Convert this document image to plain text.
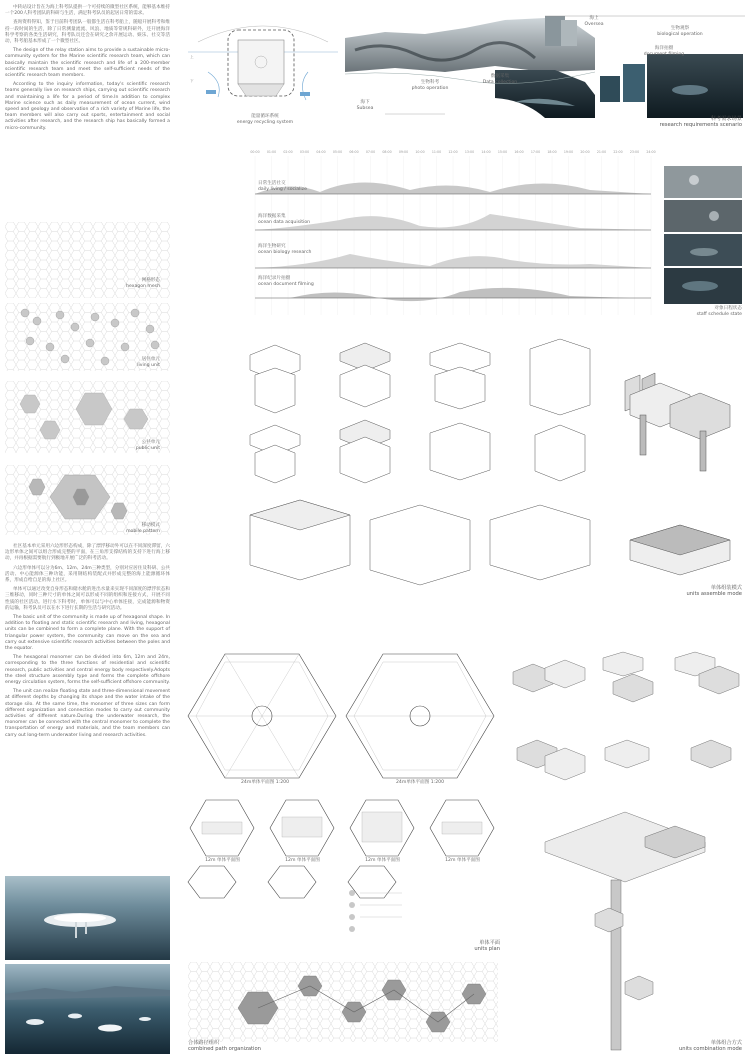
中转站设计旨在为海上科考队提供一个可持续的微型社区系统，能够基本维持一个200人科考团队的科研与生活，满足科考队员的起居日常的需求。

查询资料得知，鉴于目前科考团队一般都生活在科考船上，随船开展科考和维持一段时间的生活，除了日常测量流流、风浪、地质等常规科研外，还开展海洋科学考察的各类生活研究，科考队员还会在研究之余开展运动、娱乐、社交等活动，科考船基本形成了一个微型社区。

The design of the relay station aims to provide a sustainable micro-community system for the Marine scientific research team, which can basically maintain the scientific research and life of a 200-member scientific research team and meet the self-sufficient needs of the scientific research team members.

According to the inquiry information, today's scientific research teams generally live on research ships, carrying out scientific research and maintaining a life for a period of time.In addition to complex Marine science such as daily measurement of ocean current, wind speed and geology and observation of a rich variety of Marine life, the team members will also carry out sports, entertainment and social activities after research, and the research ship has basically formed a micro-community.

网格形态
hexagon mesh
居住单元
living unit
公共单元
public unit
移动模式
mobile pattern

社区基本单元采用六边形形态构成，除了漂浮移动外可以在不同深度滞留，六边形单体之间可以组合形成完整的平面，在三角形支撑结构的支持下进行海上移动，并再根据需要航行到极地开展广泛的科考活动。

六边形单体可以分为6m、12m、24m三种类型，分别对应居住及科研、公共活动、中心能源体三种功能，采用钢结构装配式并形成完整的海上能源循环体系，形成自给自足的海上社区。

单体可以通过改变自身形态和储水舱的进出水量来实现不同深度的漂浮状态和三维移动，同时三种尺寸的单体之间可以形成不同的组织和连接方式，开展不同性质的社区活动。进行水下科考时，单体可以与中心单体连接，完成能源和物资的运输，科考队员可以在水下进行长期的生活与研究活动。

The basic unit of the community is made up of hexagonal shape. In addition to floating and static scientific research and living, hexagonal units can be combined to form a complete plane. With the support of triangular power system, the community can move on the sea and carry out extensive scientific research activities between the poles and the equator.

The hexagonal monomer can be divided into 6m, 12m and 24m, corresponding to the three functions of residential and scientific research, public activities and central energy body respectively.Adopts the steel structure assembly type and forms the complete offshore energy circulation system, forms the self-sufficient offshore community.

The unit can realize floating state and three-dimensional movement at different depths by changing its shape and the water intake of the storage silo. At the same time, the monomer of three sizes can form different organization and connection modes to carry out community activities of different nature.During the underwater research, the monomer can be connected with the central monomer to complete the transportation of energy and materials, and the team members can carry out long-term underwater living and research activities.

上
下
能量循环系统
energy recycling system
海上
Oversea
生物观察
biological operation
海洋拍摄
document filming
生物科考
photo operation
数据采集
Data collection
海下
Subsea
科考需求场景
research requirements scenario
00:00	01:00	02:00	03:00	04:00	05:00	06:00	07:00	08:00	09:00	10:00	11:00	12:00	13:00	14:00	15:00	16:00	17:00	18:00	19:00	20:00	21:00	22:00	23:00	24:00
日常生活社交
daily living / socialize
海洋数据采集
ocean data acquisition
海洋生物研究
ocean biology research
海洋纪录片拍摄
ocean document filming
对象日程状态
staff schedule state
单体组装模式
units assemble mode
24m单体平面图 1:200	24m单体平面图 1:200
12m 单体平面图	12m 单体平面图	12m 单体平面图	12m 单体平面图
单体平面
units plan
合体路径组织
combined path organization
单体组合方式
units combination mode
